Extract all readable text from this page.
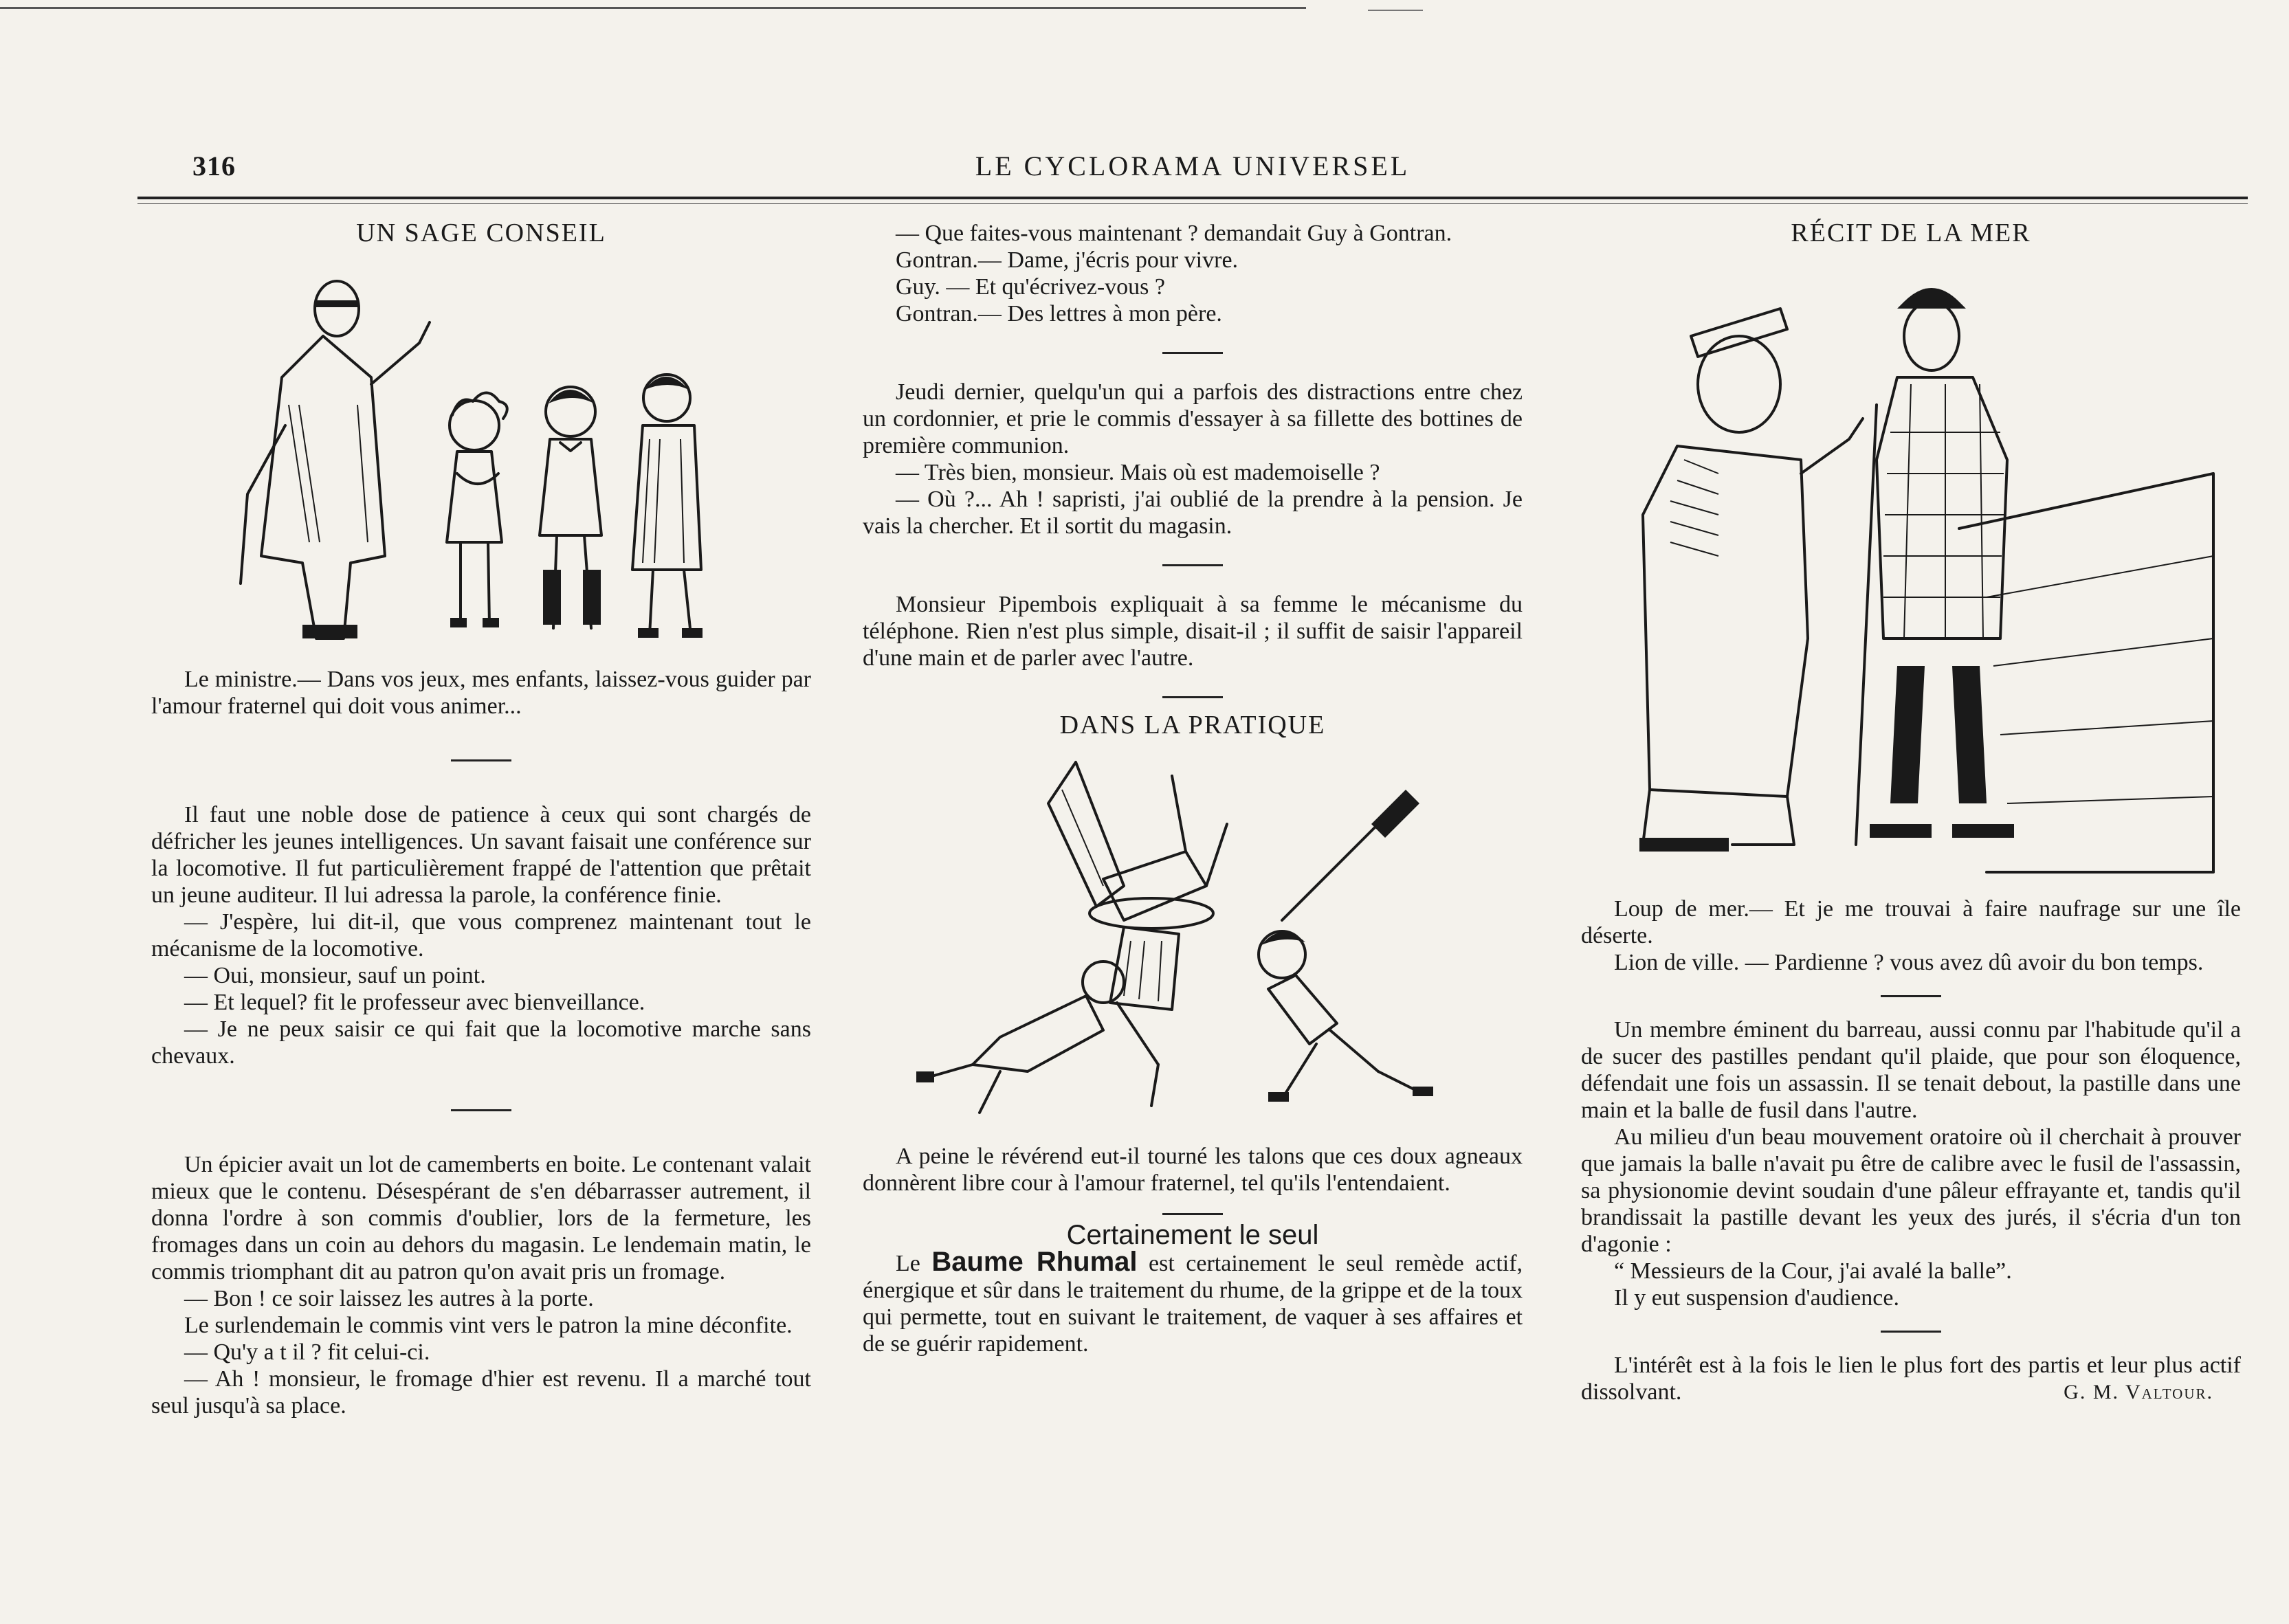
316	LE CYCLORAMA UNIVERSEL

UN SAGE CONSEIL

Le ministre.— Dans vos jeux, mes enfants, laissez-vous guider par l'amour fraternel qui doit vous animer...

Il faut une noble dose de patience à ceux qui sont chargés de défricher les jeunes intelligences. Un savant faisait une conférence sur la locomotive. Il fut particulièrement frappé de l'attention que prêtait un jeune auditeur. Il lui adressa la parole, la conférence finie.

— J'espère, lui dit-il, que vous comprenez maintenant tout le mécanisme de la locomotive.

— Oui, monsieur, sauf un point.

— Et lequel? fit le professeur avec bienveillance.

— Je ne peux saisir ce qui fait que la locomotive marche sans chevaux.

Un épicier avait un lot de camemberts en boite. Le contenant valait mieux que le contenu. Désespérant de s'en débarrasser autrement, il donna l'ordre à son commis d'oublier, lors de la fermeture, les fromages dans un coin au dehors du magasin. Le lendemain matin, le commis triomphant dit au patron qu'on avait pris un fromage.

— Bon ! ce soir laissez les autres à la porte.

Le surlendemain le commis vint vers le patron la mine déconfite.

— Qu'y a t il ? fit celui-ci.

— Ah ! monsieur, le fromage d'hier est revenu. Il a marché tout seul jusqu'à sa place.

— Que faites-vous maintenant ? demandait Guy à Gontran.

Gontran.— Dame, j'écris pour vivre.

Guy. — Et qu'écrivez-vous ?

Gontran.— Des lettres à mon père.

Jeudi dernier, quelqu'un qui a parfois des distractions entre chez un cordonnier, et prie le commis d'essayer à sa fillette des bottines de première communion.

— Très bien, monsieur. Mais où est mademoiselle ?

— Où ?... Ah ! sapristi, j'ai oublié de la prendre à la pension. Je vais la chercher. Et il sortit du magasin.

Monsieur Pipembois expliquait à sa femme le mécanisme du téléphone. Rien n'est plus simple, disait-il ; il suffit de saisir l'appareil d'une main et de parler avec l'autre.

DANS LA PRATIQUE

A peine le révérend eut-il tourné les talons que ces doux agneaux donnèrent libre cour à l'amour fraternel, tel qu'ils l'entendaient.

Certainement le seul

Le Baume Rhumal est certainement le seul remède actif, énergique et sûr dans le traitement du rhume, de la grippe et de la toux qui permette, tout en suivant le traitement, de vaquer à ses affaires et de se guérir rapidement.

RÉCIT DE LA MER

Loup de mer.— Et je me trouvai à faire naufrage sur une île déserte.

Lion de ville. — Pardienne ? vous avez dû avoir du bon temps.

Un membre éminent du barreau, aussi connu par l'habitude qu'il a de sucer des pastilles pendant qu'il plaide, que pour son éloquence, défendait une fois un assassin. Il se tenait debout, la pastille dans une main et la balle de fusil dans l'autre.

Au milieu d'un beau mouvement oratoire où il cherchait à prouver que jamais la balle n'avait pu être de calibre avec le fusil de l'assassin, sa physionomie devint soudain d'une pâleur effrayante et, tandis qu'il brandissait la pastille devant les yeux des jurés, il s'écria d'un ton d'agonie :

“ Messieurs de la Cour, j'ai avalé la balle”.

Il y eut suspension d'audience.

L'intérêt est à la fois le lien le plus fort des partis et leur plus actif dissolvant.	G. M. Valtour.
